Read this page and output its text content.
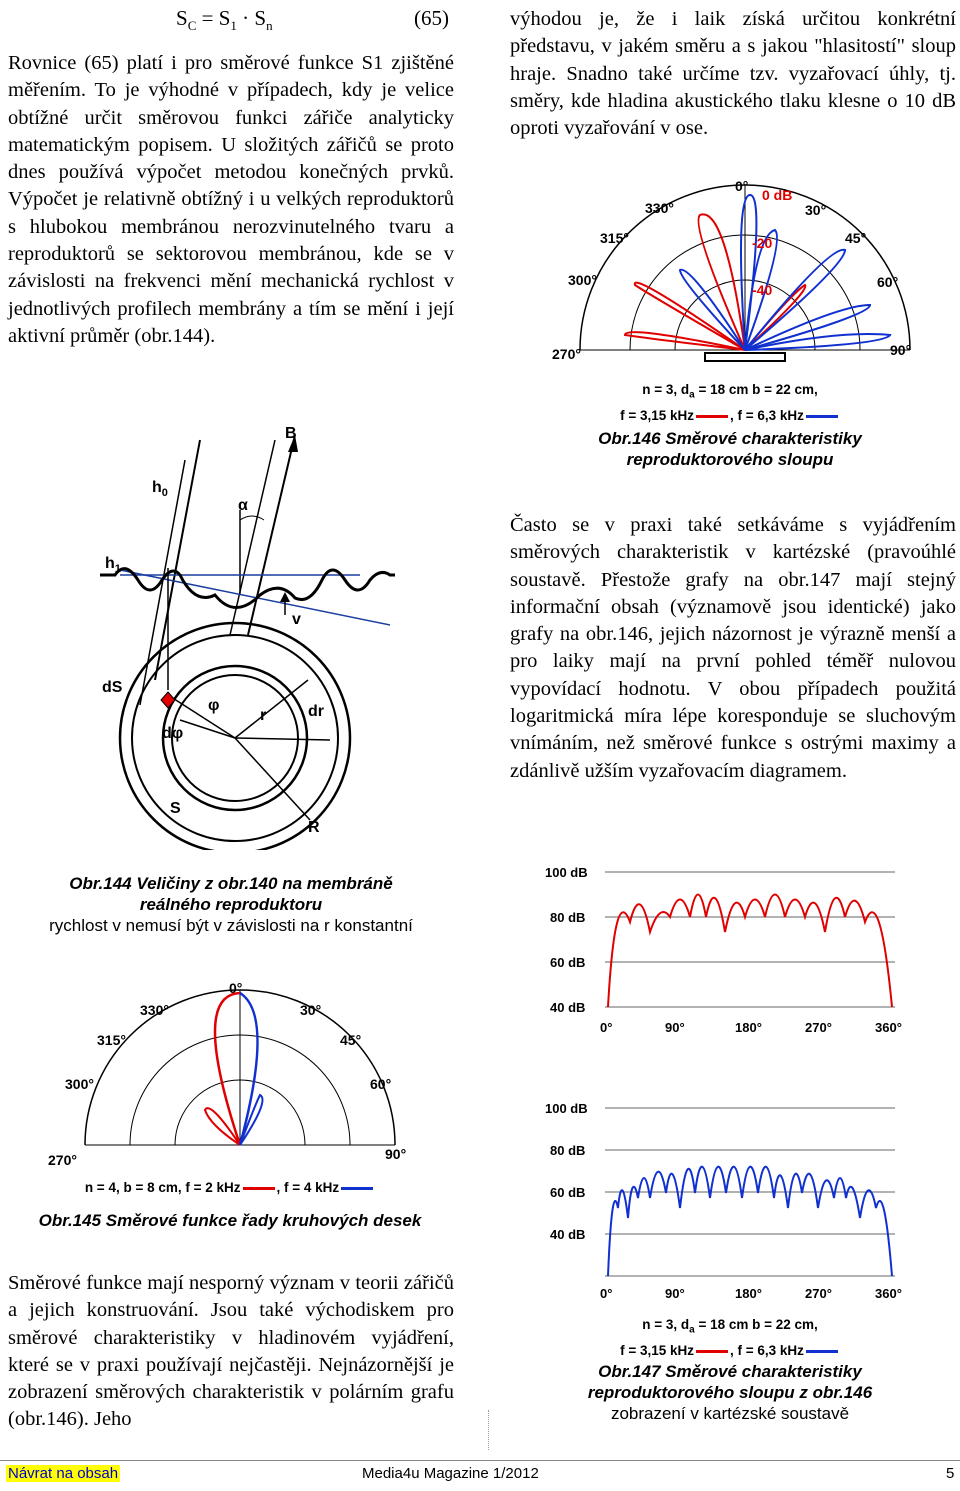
$S_C = S_1 \cdot S_n$	(65)

Rovnice (65) platí i pro směrové funkce S1 zjištěné měřením. To je výhodné v případech, kdy je velice obtížné určit směrovou funkci zářiče analyticky matematickým popisem. U složitých zářičů se proto dnes používá výpočet metodou konečných prvků. Výpočet je relativně obtížný i u velkých reproduktorů s hlubokou membránou nerozvinutelného tvaru a reproduktorů se sektorovou membránou, kde se v závislosti na frekvenci mění mechanická rychlost v jednotlivých profilech membrány a tím se mění i její aktivní průměr (obr.144).

výhodou je, že i laik získá určitou konkrétní představu, v jakém směru a s jakou "hlasitostí" sloup hraje. Snadno také určíme tzv. vyzařovací úhly, tj. směry, kde hladina akustického tlaku klesne o 10 dB oproti vyzařování v ose.

B
$h_0$
$h_1$
α
v
dS
φ
dφ
r	dr
S
R
Obr.144 Veličiny z obr.140 na membráně
reálného reproduktoru
rychlost v nemusí být v závislosti na r konstantní
0°
30°
45°
60°
90°
330°
315°
300°
270°
0 dB
-20
-40
n = 3, $d_a = 18$ cm b = 22 cm,
f = 3,15 kHz	, f = 6,3 kHz
Obr.146 Směrové charakteristiky
reproduktorového sloupu

Často se v praxi také setkáváme s vyjádřením směrových charakteristik v kartézské (pravoúhlé soustavě. Přestože grafy na obr.147 mají stejný informační obsah (významově jsou identické) jako grafy na obr.146, jejich názornost je výrazně menší a pro laiky mají na první pohled téměř nulovou vypovídací hodnotu. V obou případech použitá logaritmická míra lépe koresponduje se sluchovým vnímáním, než směrové funkce s ostrými maximy a zdánlivě užším vyzařovacím diagramem.

100 dB
80 dB
60 dB
40 dB
0°	90°	180°	270°	360°
100 dB
80 dB
60 dB
40 dB
0°	90°	180°	270°	360°
n = 3, $d_a = 18$ cm b = 22 cm,
f = 3,15 kHz	, f = 6,3 kHz
Obr.147 Směrové charakteristiky
reproduktorového sloupu z obr.146
zobrazení v kartézské soustavě
0°
330°	30°
315°	45°
300°	60°
270°	90°
n = 4, b = 8 cm, f = 2 kHz	, f = 4 kHz
Obr.145 Směrové funkce řady kruhových desek

Směrové funkce mají nesporný význam v teorii zářičů a jejich konstruování. Jsou také východiskem pro směrové charakteristiky v hladinovém vyjádření, které se v praxi používají nejčastěji. Nejnázornější je zobrazení směrových charakteristik v polárním grafu (obr.146). Jeho

Návrat na obsah	Media4u Magazine 1/2012	5
